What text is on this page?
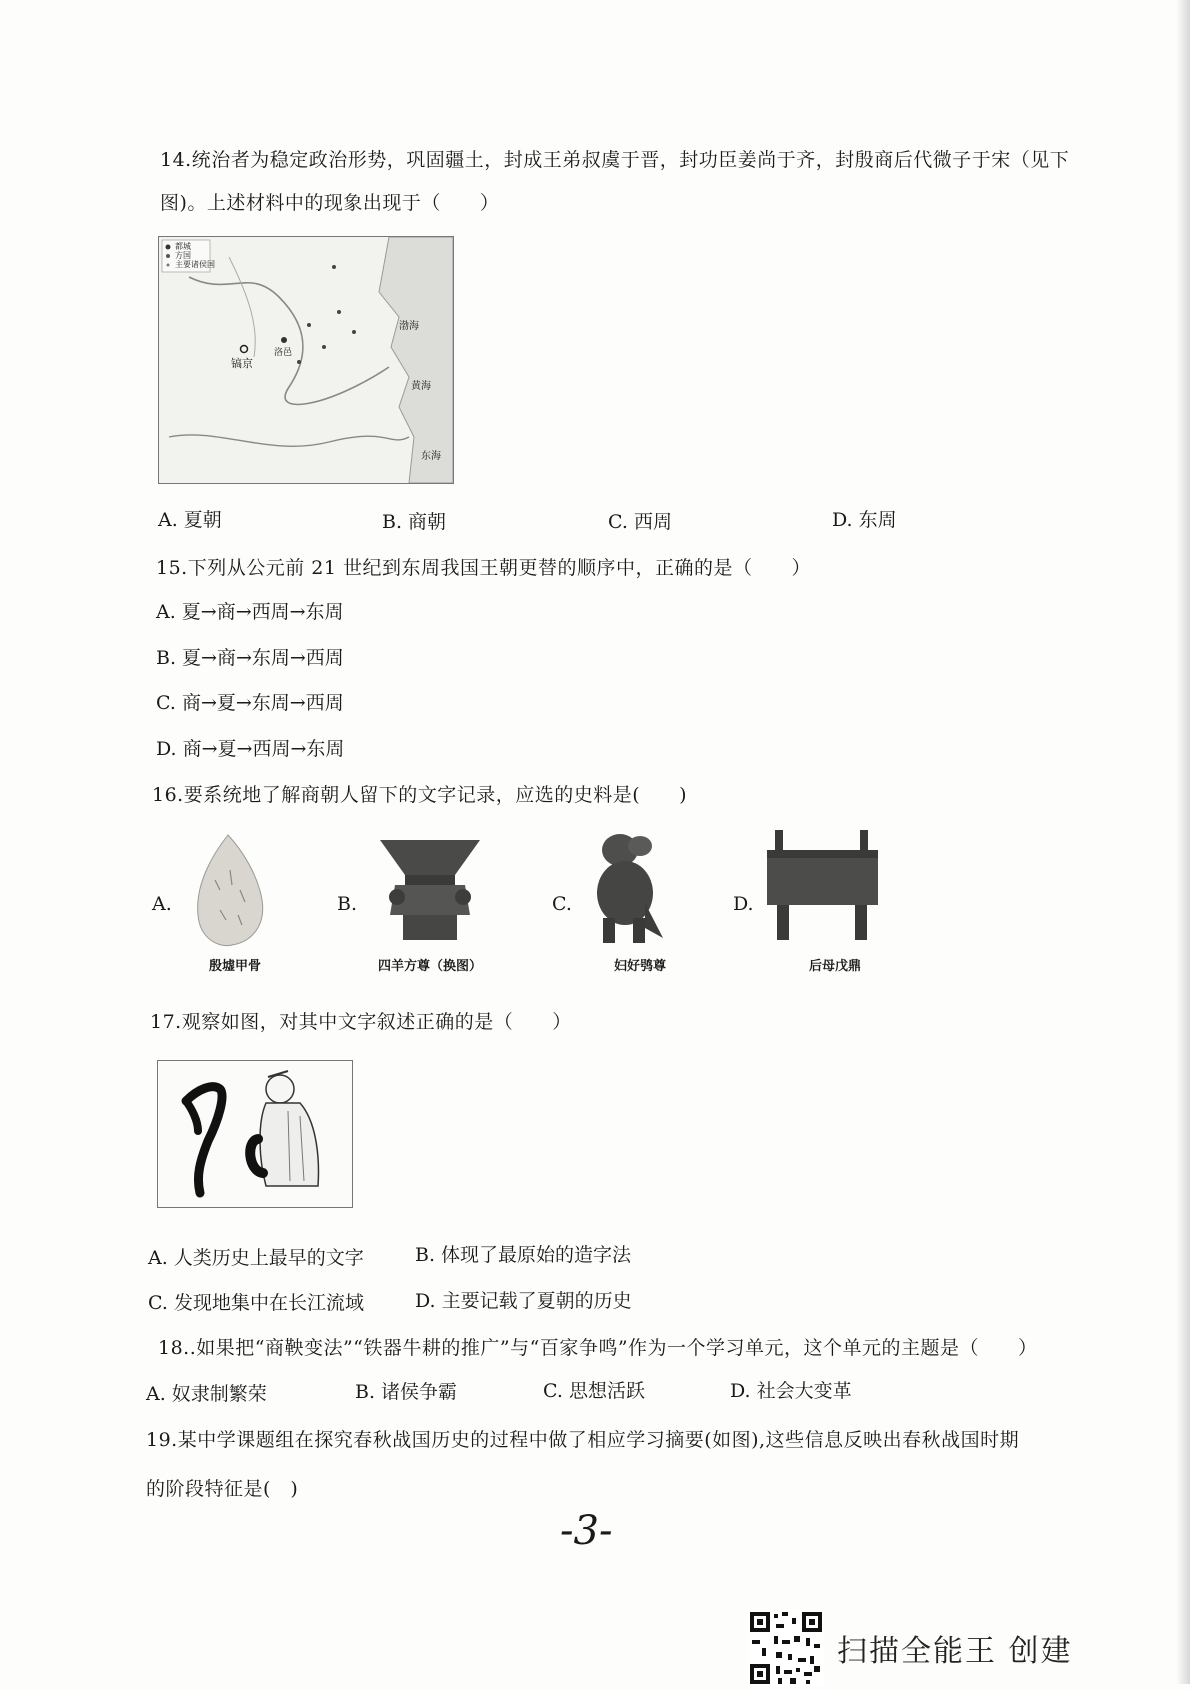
14.统治者为稳定政治形势，巩固疆土，封成王弟叔虞于晋，封功臣姜尚于齐，封殷商后代微子于宋（见下
图)。上述材料中的现象出现于（　　）
都城
方国
主要诸侯国
镐京
洛邑
渤海
黄海
东海
A. 夏朝	B. 商朝	C. 西周	D. 东周
15.下列从公元前 21 世纪到东周我国王朝更替的顺序中，正确的是（　　）
A. 夏→商→西周→东周
B. 夏→商→东周→西周
C. 商→夏→东周→西周
D. 商→夏→西周→东周
16.要系统地了解商朝人留下的文字记录，应选的史料是(　　)
A.
殷墟甲骨
B.
四羊方尊（换图）
C.
妇好鸮尊
D.
后母戊鼎
17.观察如图，对其中文字叙述正确的是（　　）
A. 人类历史上最早的文字	B. 体现了最原始的造字法
C. 发现地集中在长江流域	D. 主要记载了夏朝的历史
18..如果把“商鞅变法”“铁器牛耕的推广”与“百家争鸣”作为一个学习单元，这个单元的主题是（　　）
A. 奴隶制繁荣	B. 诸侯争霸	C. 思想活跃	D. 社会大变革
19.某中学课题组在探究春秋战国历史的过程中做了相应学习摘要(如图),这些信息反映出春秋战国时期
的阶段特征是(　)
-3-
扫描全能王 创建
